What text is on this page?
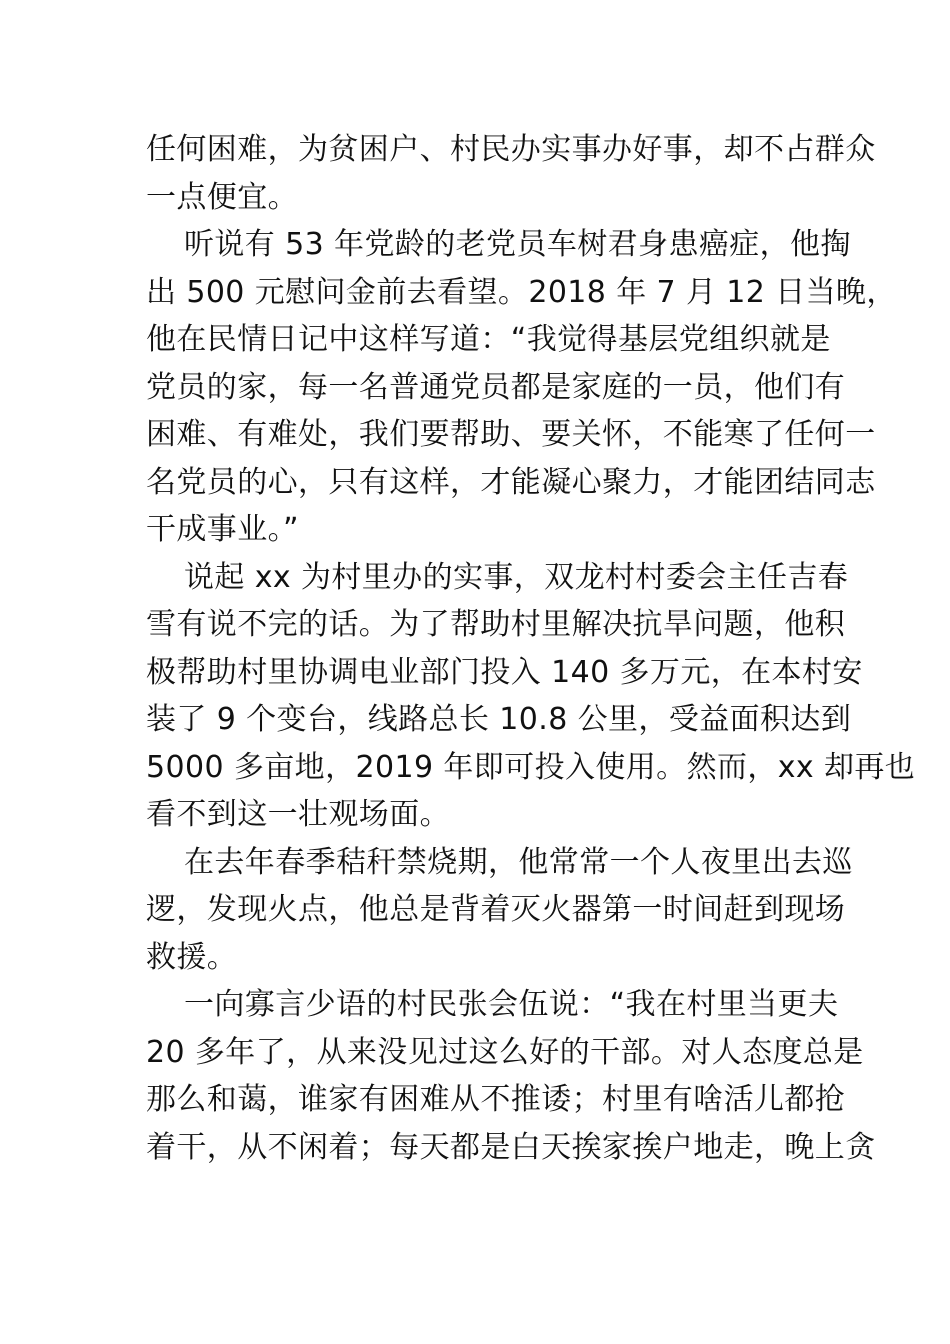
任何困难，为贫困户、村民办实事办好事，却不占群众
一点便宜。
听说有 53 年党龄的老党员车树君身患癌症，他掏
出 500 元慰问金前去看望。2018 年 7 月 12 日当晚，
他在民情日记中这样写道：“我觉得基层党组织就是
党员的家，每一名普通党员都是家庭的一员，他们有
困难、有难处，我们要帮助、要关怀，不能寒了任何一
名党员的心，只有这样，才能凝心聚力，才能团结同志
干成事业。”
说起 xx 为村里办的实事，双龙村村委会主任吉春
雪有说不完的话。为了帮助村里解决抗旱问题，他积
极帮助村里协调电业部门投入 140 多万元，在本村安
装了 9 个变台，线路总长 10.8 公里，受益面积达到
5000 多亩地，2019 年即可投入使用。然而，xx 却再也
看不到这一壮观场面。
在去年春季秸秆禁烧期，他常常一个人夜里出去巡
逻，发现火点，他总是背着灭火器第一时间赶到现场
救援。
一向寡言少语的村民张会伍说：“我在村里当更夫
20 多年了，从来没见过这么好的干部。对人态度总是
那么和蔼，谁家有困难从不推诿；村里有啥活儿都抢
着干，从不闲着；每天都是白天挨家挨户地走，晚上贪
